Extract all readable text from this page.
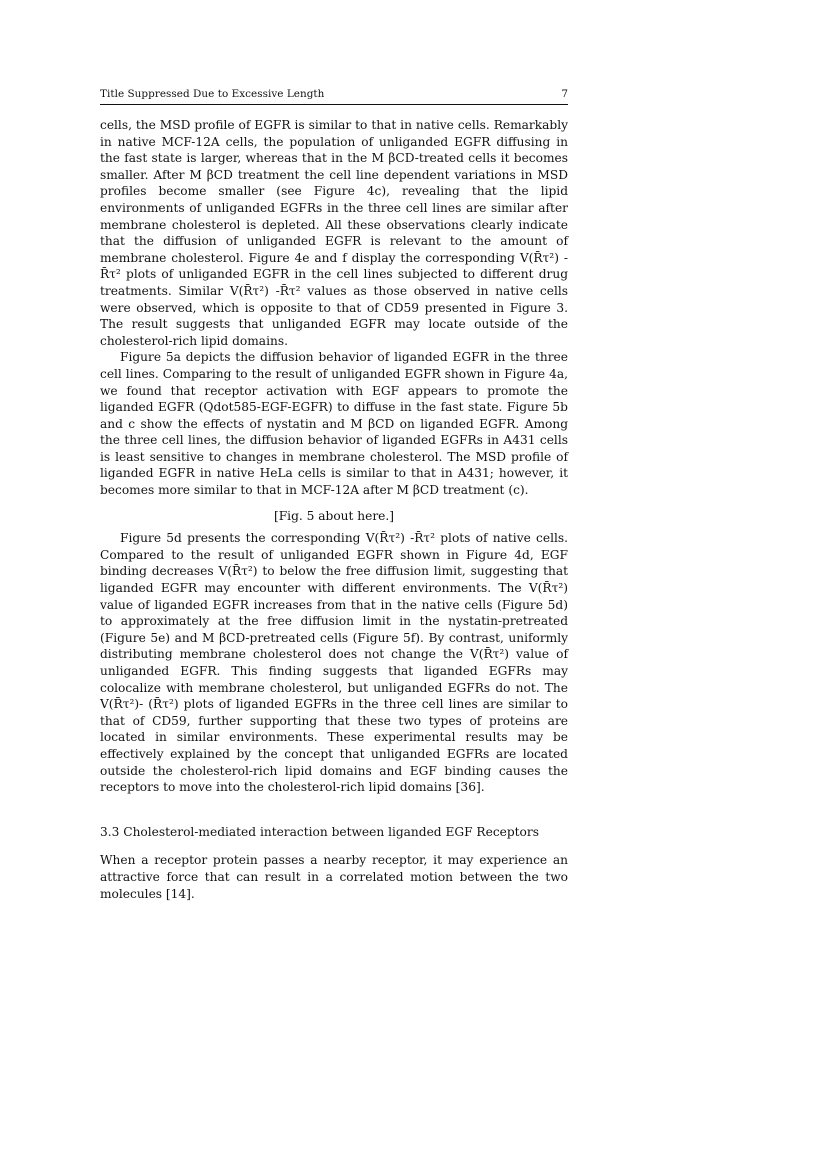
Title Suppressed Due to Excessive Length	7

cells, the MSD profile of EGFR is similar to that in native cells. Remarkably in native MCF-12A cells, the population of unliganded EGFR diffusing in the fast state is larger, whereas that in the M βCD-treated cells it becomes smaller. After M βCD treatment the cell line dependent variations in MSD profiles become smaller (see Figure 4c), revealing that the lipid environments of unliganded EGFRs in the three cell lines are similar after membrane cholesterol is depleted. All these observations clearly indicate that the diffusion of unliganded EGFR is relevant to the amount of membrane cholesterol. Figure 4e and f display the corresponding V(R̄τ²) -R̄τ² plots of unliganded EGFR in the cell lines subjected to different drug treatments. Similar V(R̄τ²) -R̄τ² values as those observed in native cells were observed, which is opposite to that of CD59 presented in Figure 3. The result suggests that unliganded EGFR may locate outside of the cholesterol-rich lipid domains.

Figure 5a depicts the diffusion behavior of liganded EGFR in the three cell lines. Comparing to the result of unliganded EGFR shown in Figure 4a, we found that receptor activation with EGF appears to promote the liganded EGFR (Qdot585-EGF-EGFR) to diffuse in the fast state. Figure 5b and c show the effects of nystatin and M βCD on liganded EGFR. Among the three cell lines, the diffusion behavior of liganded EGFRs in A431 cells is least sensitive to changes in membrane cholesterol. The MSD profile of liganded EGFR in native HeLa cells is similar to that in A431; however, it becomes more similar to that in MCF-12A after M βCD treatment (c).

[Fig. 5 about here.]

Figure 5d presents the corresponding V(R̄τ²) -R̄τ² plots of native cells. Compared to the result of unliganded EGFR shown in Figure 4d, EGF binding decreases V(R̄τ²) to below the free diffusion limit, suggesting that liganded EGFR may encounter with different environments. The V(R̄τ²) value of liganded EGFR increases from that in the native cells (Figure 5d) to approximately at the free diffusion limit in the nystatin-pretreated (Figure 5e) and M βCD-pretreated cells (Figure 5f). By contrast, uniformly distributing membrane cholesterol does not change the V(R̄τ²) value of unliganded EGFR. This finding suggests that liganded EGFRs may colocalize with membrane cholesterol, but unliganded EGFRs do not. The V(R̄τ²)- (R̄τ²) plots of liganded EGFRs in the three cell lines are similar to that of CD59, further supporting that these two types of proteins are located in similar environments. These experimental results may be effectively explained by the concept that unliganded EGFRs are located outside the cholesterol-rich lipid domains and EGF binding causes the receptors to move into the cholesterol-rich lipid domains [36].

3.3 Cholesterol-mediated interaction between liganded EGF Receptors

When a receptor protein passes a nearby receptor, it may experience an attractive force that can result in a correlated motion between the two molecules [14].
